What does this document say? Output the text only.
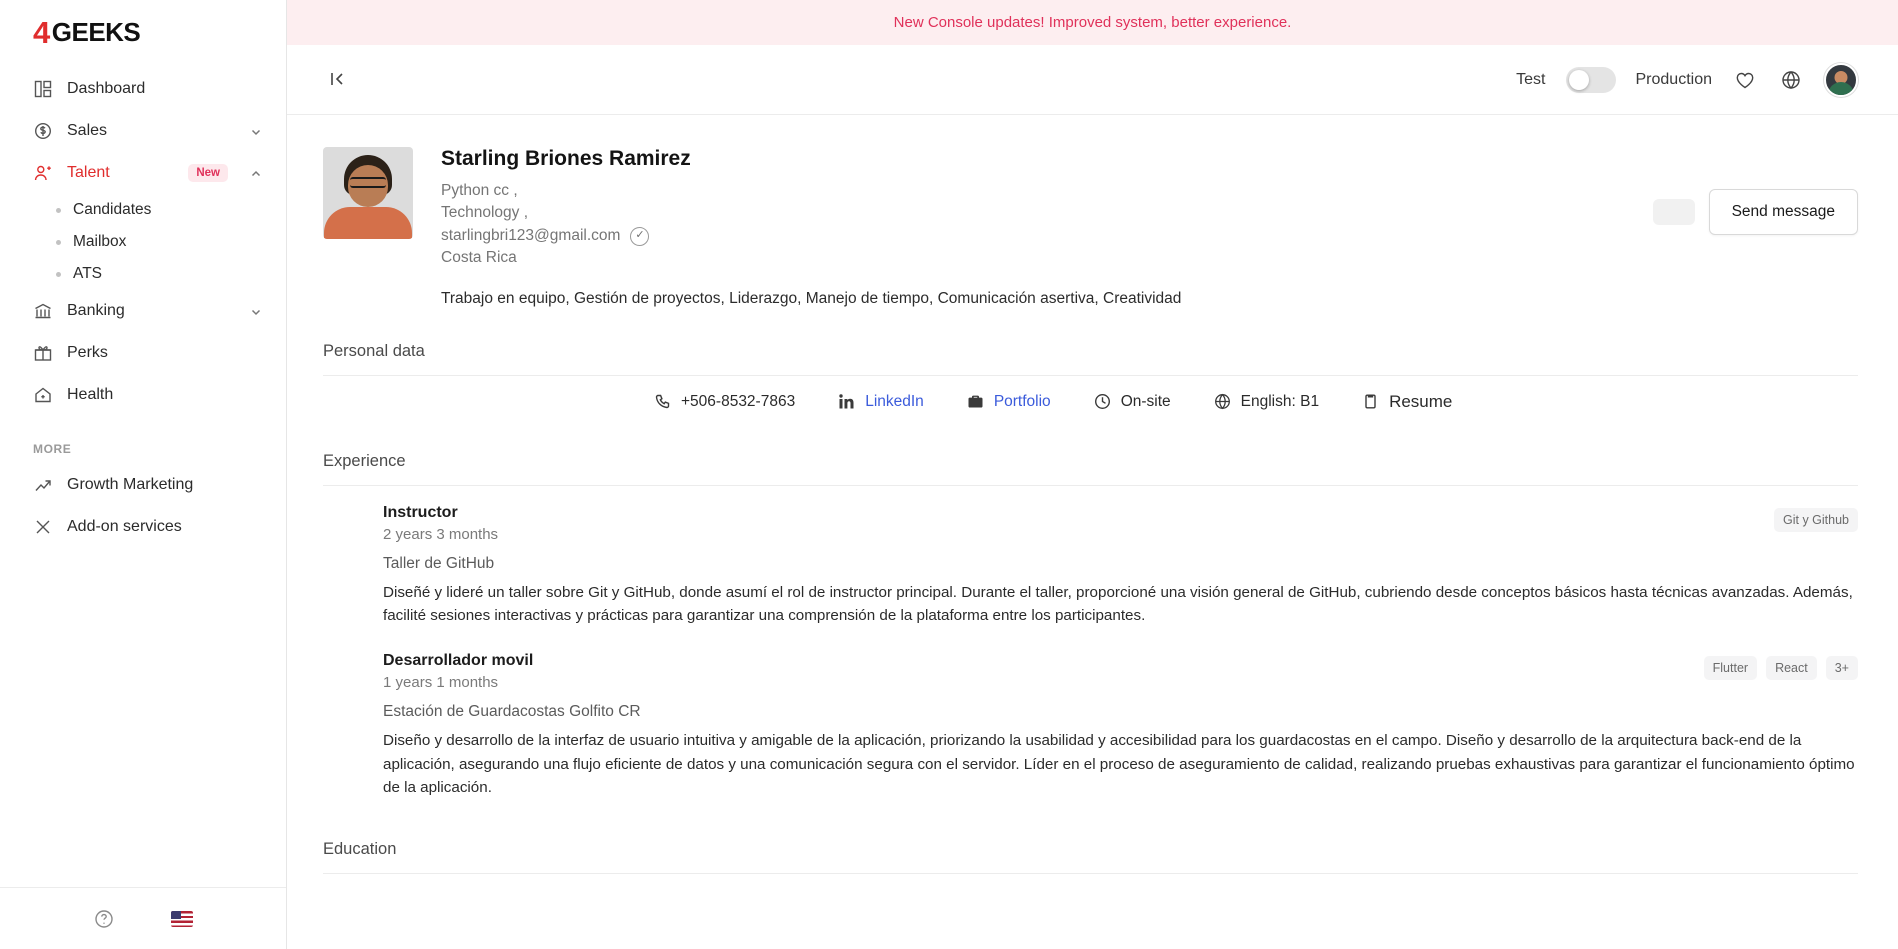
4 GEEKS
Dashboard
Sales
Talent	New
Candidates
Mailbox
ATS
Banking
Perks
Health
MORE
Growth Marketing
Add-on services
New Console updates! Improved system, better experience.
Test	Production
Starling Briones Ramirez
Python cc ,
Technology ,
starlingbri123@gmail.com	✓
Costa Rica
Trabajo en equipo, Gestión de proyectos, Liderazgo, Manejo de tiempo, Comunicación asertiva, Creatividad
Send message
Personal data
+506-8532-7863	LinkedIn	Portfolio	On-site	English: B1	Resume
Experience
Instructor
2 years 3 months
Taller de GitHub
Diseñé y lideré un taller sobre Git y GitHub, donde asumí el rol de instructor principal. Durante el taller, proporcioné una visión general de GitHub, cubriendo desde conceptos básicos hasta técnicas avanzadas. Además, facilité sesiones interactivas y prácticas para garantizar una comprensión de la plataforma entre los participantes.
Git y Github
Desarrollador movil
1 years 1 months
Estación de Guardacostas Golfito CR
Diseño y desarrollo de la interfaz de usuario intuitiva y amigable de la aplicación, priorizando la usabilidad y accesibilidad para los guardacostas en el campo. Diseño y desarrollo de la arquitectura back-end de la aplicación, asegurando una flujo eficiente de datos y una comunicación segura con el servidor. Líder en el proceso de aseguramiento de calidad, realizando pruebas exhaustivas para garantizar el funcionamiento óptimo de la aplicación.
Flutter	React	3+
Education
